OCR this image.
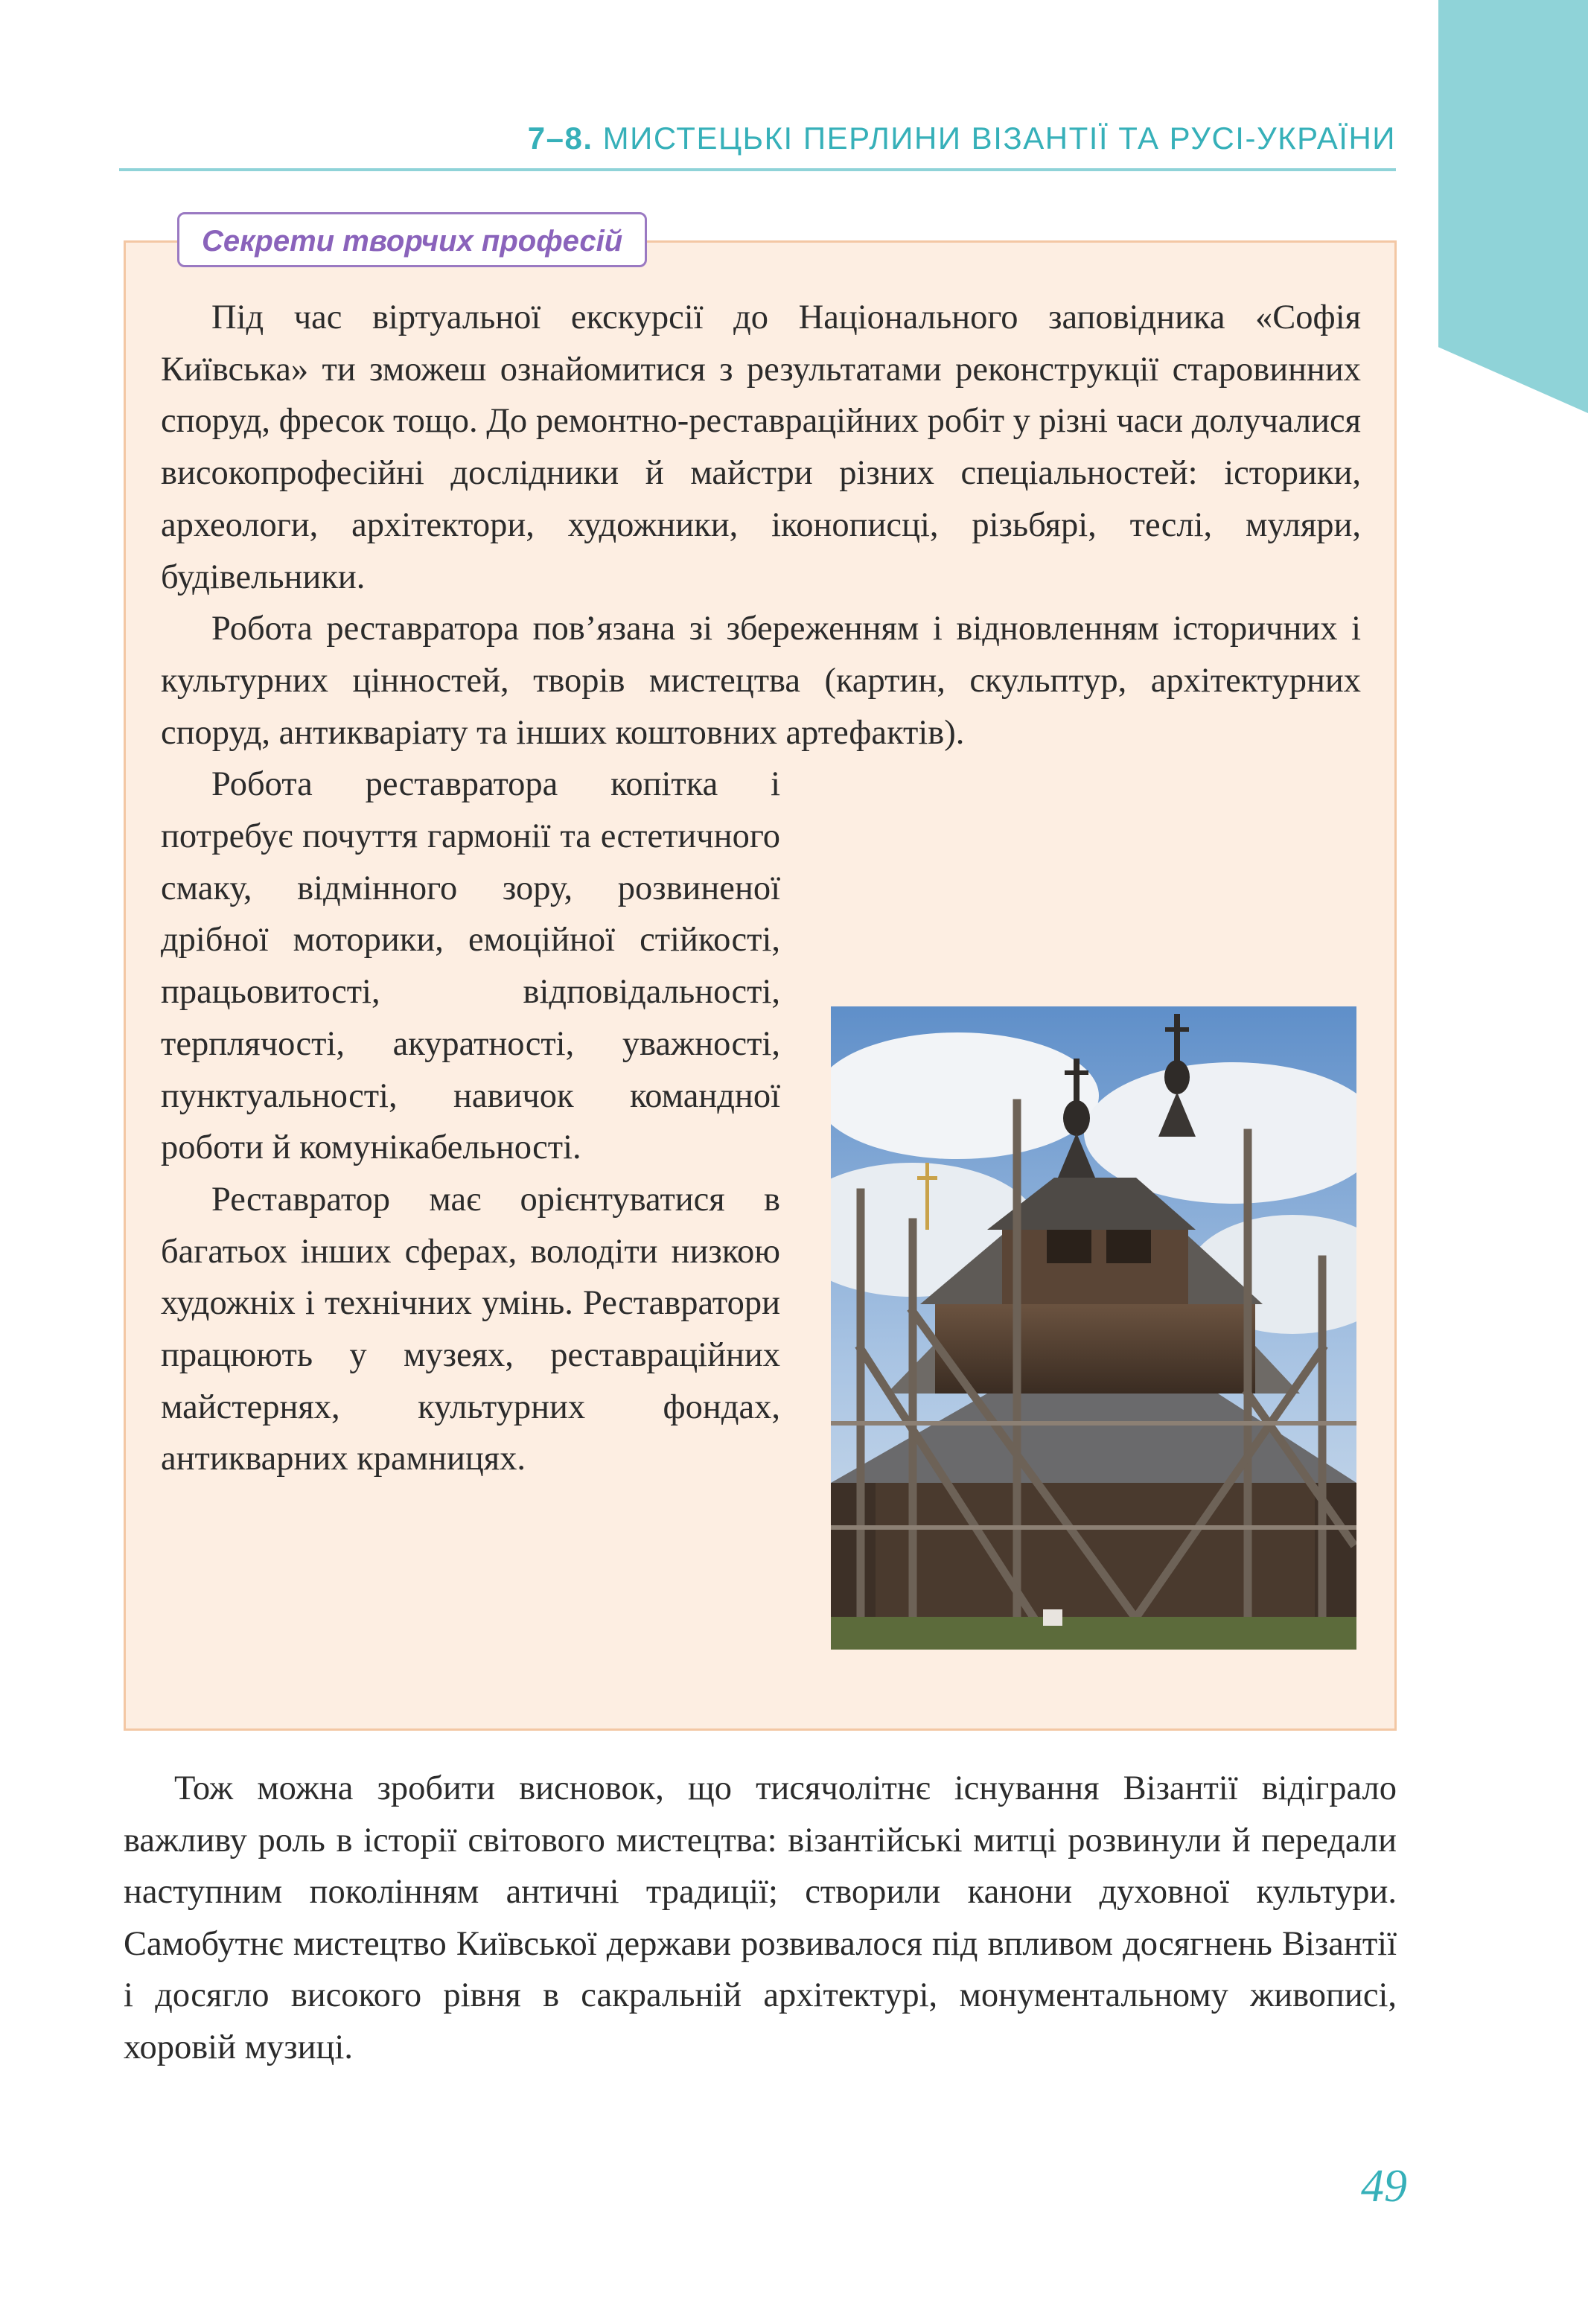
7–8. МИСТЕЦЬКІ ПЕРЛИНИ ВІЗАНТІЇ ТА РУСІ-УКРАЇНИ
Секрети творчих професій

Під час віртуальної екскурсії до Національного заповідника «Софія Київська» ти зможеш ознайомитися з результатами реконструкції старовинних споруд, фресок тощо. До ремонтно-реставраційних робіт у різні часи долучалися високопрофесійні дослідники й майстри різних спеціальностей: історики, археологи, архітектори, художники, іконописці, різьбярі, теслі, муляри, будівельники.

Робота реставратора пов’язана зі збереженням і відновленням історичних і культурних цінностей, творів мистецтва (картин, скульптур, архітектурних споруд, антикваріату та інших коштовних артефактів).

Робота реставратора копітка і потребує почуття гармонії та естетичного смаку, відмінного зору, розвиненої дрібної моторики, емоційної стійкості, працьовитості, відповідальності, терплячості, акуратності, уважності, пунктуальності, навичок командної роботи й комунікабельності.

Реставратор має орієнтуватися в багатьох інших сферах, володіти низкою художніх і технічних умінь. Реставратори працюють у музеях, реставраційних майстернях, культурних фондах, антикварних крамницях.

Тож можна зробити висновок, що тисячолітнє існування Візантії відіграло важливу роль в історії світового мистецтва: візантійські митці розвинули й передали наступним поколінням античні традиції; створили канони духовної культури. Самобутнє мистецтво Київської держави розвивалося під впливом досягнень Візантії і досягло високого рівня в сакральній архітектурі, монументальному живописі, хоровій музиці.

49
